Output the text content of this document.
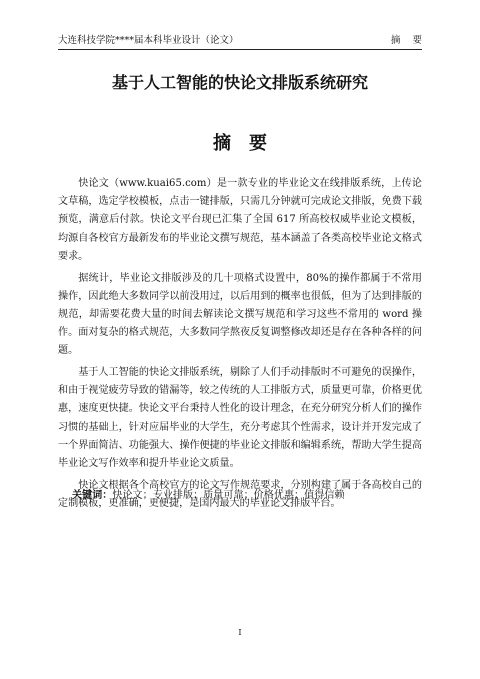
大连科技学院****届本科毕业设计（论文）	摘    要
基于人工智能的快论文排版系统研究
摘要

快论文（www.kuai65.com）是一款专业的毕业论文在线排版系统，上传论文草稿，选定学校模板，点击一键排版，只需几分钟就可完成论文排版，免费下载预览，满意后付款。快论文平台现已汇集了全国 617 所高校权威毕业论文模板，均源自各校官方最新发布的毕业论文撰写规范，基本涵盖了各类高校毕业论文格式要求。

据统计，毕业论文排版涉及的几十项格式设置中，80%的操作都属于不常用操作，因此绝大多数同学以前没用过，以后用到的概率也很低，但为了达到排版的规范，却需要花费大量的时间去解读论文撰写规范和学习这些不常用的 word 操作。面对复杂的格式规范，大多数同学熬夜反复调整修改却还是存在各种各样的问题。

基于人工智能的快论文排版系统，剔除了人们手动排版时不可避免的误操作，和由于视觉疲劳导致的错漏等，较之传统的人工排版方式，质量更可靠，价格更优惠，速度更快捷。快论文平台秉持人性化的设计理念，在充分研究分析人们的操作习惯的基础上，针对应届毕业的大学生，充分考虑其个性需求，设计并开发完成了一个界面简洁、功能强大、操作便捷的毕业论文排版和编辑系统，帮助大学生提高毕业论文写作效率和提升毕业论文质量。

快论文根据各个高校官方的论文写作规范要求，分别构建了属于各高校自己的定制模板，更准确，更便捷，是国内最大的毕业论文排版平台。

关键词：快论文；专业排版；质量可靠；价格优惠；值得信赖
I
